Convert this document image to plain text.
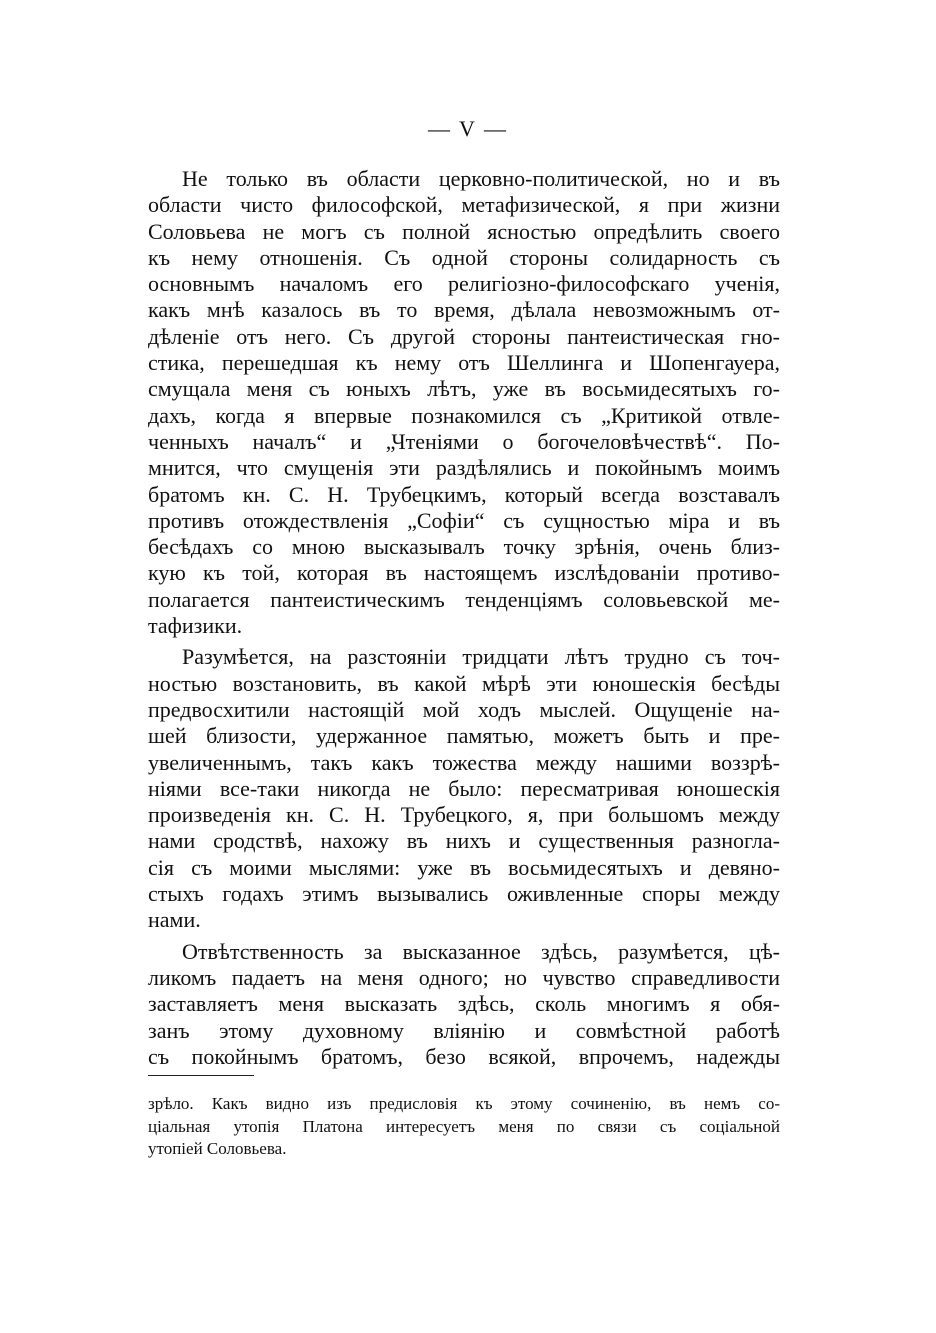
— V —
Не только въ области церковно-политической, но и въ
области чисто философской, метафизической, я при жизни
Соловьева не могъ съ полной ясностью опредѣлить своего
къ нему отношенія. Съ одной стороны солидарность съ
основнымъ началомъ его религіозно-философскаго ученія,
какъ мнѣ казалось въ то время, дѣлала невозможнымъ от-
дѣленіе отъ него. Съ другой стороны пантеистическая гно-
стика, перешедшая къ нему отъ Шеллинга и Шопенгауера,
смущала меня съ юныхъ лѣтъ, уже въ восьмидесятыхъ го-
дахъ, когда я впервые познакомился съ „Критикой отвле-
ченныхъ началъ“ и „Чтеніями о богочеловѣчествѣ“. По-
мнится, что смущенія эти раздѣлялись и покойнымъ моимъ
братомъ кн. С. Н. Трубецкимъ, который всегда возставалъ
противъ отождествленія „Софіи“ съ сущностью міра и въ
бесѣдахъ со мною высказывалъ точку зрѣнія, очень близ-
кую къ той, которая въ настоящемъ изслѣдованіи противо-
полагается пантеистическимъ тенденціямъ соловьевской ме-
тафизики.
Разумѣется, на разстояніи тридцати лѣтъ трудно съ точ-
ностью возстановить, въ какой мѣрѣ эти юношескія бесѣды
предвосхитили настоящій мой ходъ мыслей. Ощущеніе на-
шей близости, удержанное памятью, можетъ быть и пре-
увеличеннымъ, такъ какъ тожества между нашими воззрѣ-
ніями все-таки никогда не было: пересматривая юношескія
произведенія кн. С. Н. Трубецкого, я, при большомъ между
нами сродствѣ, нахожу въ нихъ и существенныя разногла-
сія съ моими мыслями: уже въ восьмидесятыхъ и девяно-
стыхъ годахъ этимъ вызывались оживленные споры между
нами.
Отвѣтственность за высказанное здѣсь, разумѣется, цѣ-
ликомъ падаетъ на меня одного; но чувство справедливости
заставляетъ меня высказать здѣсь, сколь многимъ я обя-
занъ этому духовному вліянію и совмѣстной работѣ
съ покойнымъ братомъ, безо всякой, впрочемъ, надежды
зрѣло. Какъ видно изъ предисловія къ этому сочиненію, въ немъ со-
ціальная утопія Платона интересуетъ меня по связи съ соціальной
утопіей Соловьева.
